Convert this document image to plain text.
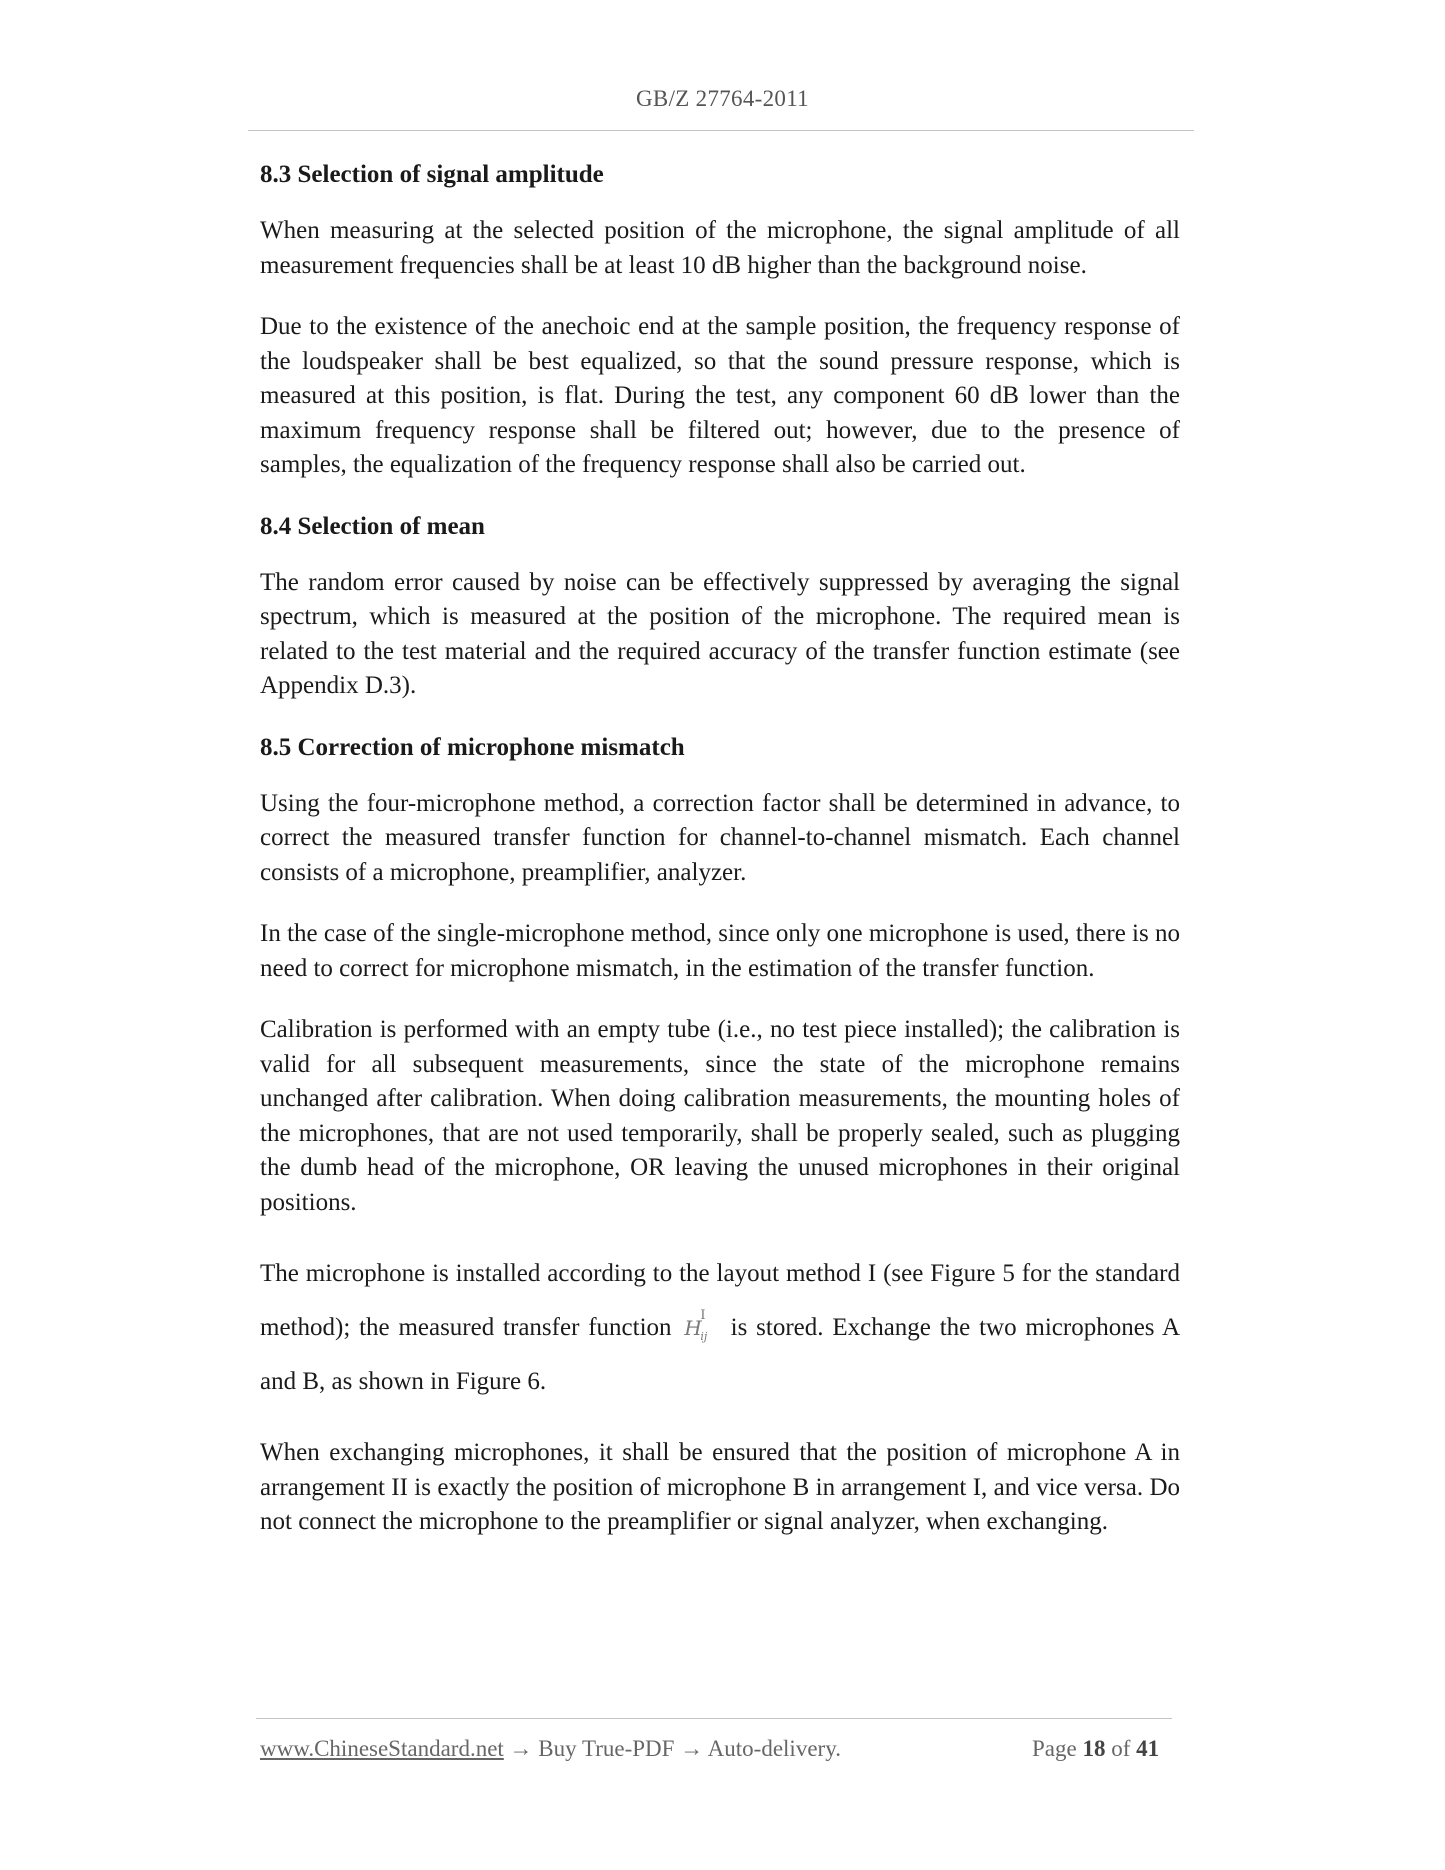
GB/Z 27764-2011
8.3 Selection of signal amplitude

When measuring at the selected position of the microphone, the signal amplitude of all measurement frequencies shall be at least 10 dB higher than the background noise.

Due to the existence of the anechoic end at the sample position, the frequency response of the loudspeaker shall be best equalized, so that the sound pressure response, which is measured at this position, is flat. During the test, any component 60 dB lower than the maximum frequency response shall be filtered out; however, due to the presence of samples, the equalization of the frequency response shall also be carried out.

8.4 Selection of mean

The random error caused by noise can be effectively suppressed by averaging the signal spectrum, which is measured at the position of the microphone. The required mean is related to the test material and the required accuracy of the transfer function estimate (see Appendix D.3).

8.5 Correction of microphone mismatch

Using the four-microphone method, a correction factor shall be determined in advance, to correct the measured transfer function for channel-to-channel mismatch. Each channel consists of a microphone, preamplifier, analyzer.

In the case of the single-microphone method, since only one microphone is used, there is no need to correct for microphone mismatch, in the estimation of the transfer function.

Calibration is performed with an empty tube (i.e., no test piece installed); the calibration is valid for all subsequent measurements, since the state of the microphone remains unchanged after calibration. When doing calibration measurements, the mounting holes of the microphones, that are not used temporarily, shall be properly sealed, such as plugging the dumb head of the microphone, OR leaving the unused microphones in their original positions.

The microphone is installed according to the layout method I (see Figure 5 for the standard method); the measured transfer function H
I
ij is stored. Exchange the two microphones A and B, as shown in Figure 6.

When exchanging microphones, it shall be ensured that the position of microphone A in arrangement II is exactly the position of microphone B in arrangement I, and vice versa. Do not connect the microphone to the preamplifier or signal analyzer, when exchanging.

www.ChineseStandard.net → Buy True-PDF → Auto-delivery.	Page 18 of 41
